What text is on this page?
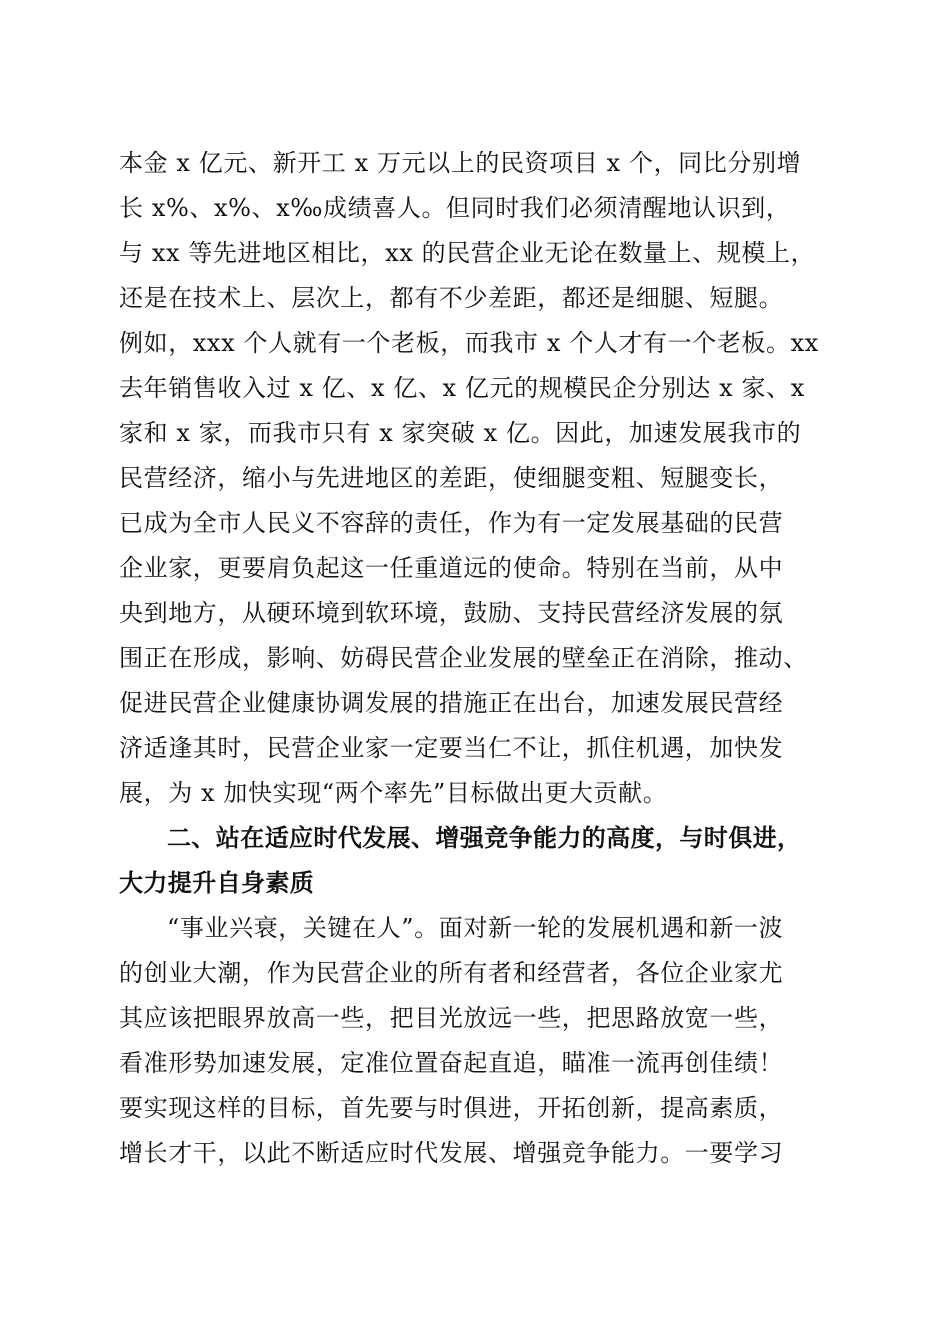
本金 x 亿元、新开工 x 万元以上的民资项目 x 个，同比分别增
长 x%、x%、x‰成绩喜人。但同时我们必须清醒地认识到，
与 xx 等先进地区相比，xx 的民营企业无论在数量上、规模上，
还是在技术上、层次上，都有不少差距，都还是细腿、短腿。
例如，xxx 个人就有一个老板，而我市 x 个人才有一个老板。xx
去年销售收入过 x 亿、x 亿、x 亿元的规模民企分别达 x 家、x
家和 x 家，而我市只有 x 家突破 x 亿。因此，加速发展我市的
民营经济，缩小与先进地区的差距，使细腿变粗、短腿变长，
已成为全市人民义不容辞的责任，作为有一定发展基础的民营
企业家，更要肩负起这一任重道远的使命。特别在当前，从中
央到地方，从硬环境到软环境，鼓励、支持民营经济发展的氛
围正在形成，影响、妨碍民营企业发展的壁垒正在消除，推动、
促进民营企业健康协调发展的措施正在出台，加速发展民营经
济适逢其时，民营企业家一定要当仁不让，抓住机遇，加快发
展，为 x 加快实现“两个率先”目标做出更大贡献。
二、站在适应时代发展、增强竞争能力的高度，与时俱进，
大力提升自身素质
“事业兴衰，关键在人”。面对新一轮的发展机遇和新一波
的创业大潮，作为民营企业的所有者和经营者，各位企业家尤
其应该把眼界放高一些，把目光放远一些，把思路放宽一些，
看准形势加速发展，定准位置奋起直追，瞄准一流再创佳绩！
要实现这样的目标，首先要与时俱进，开拓创新，提高素质，
增长才干，以此不断适应时代发展、增强竞争能力。一要学习
